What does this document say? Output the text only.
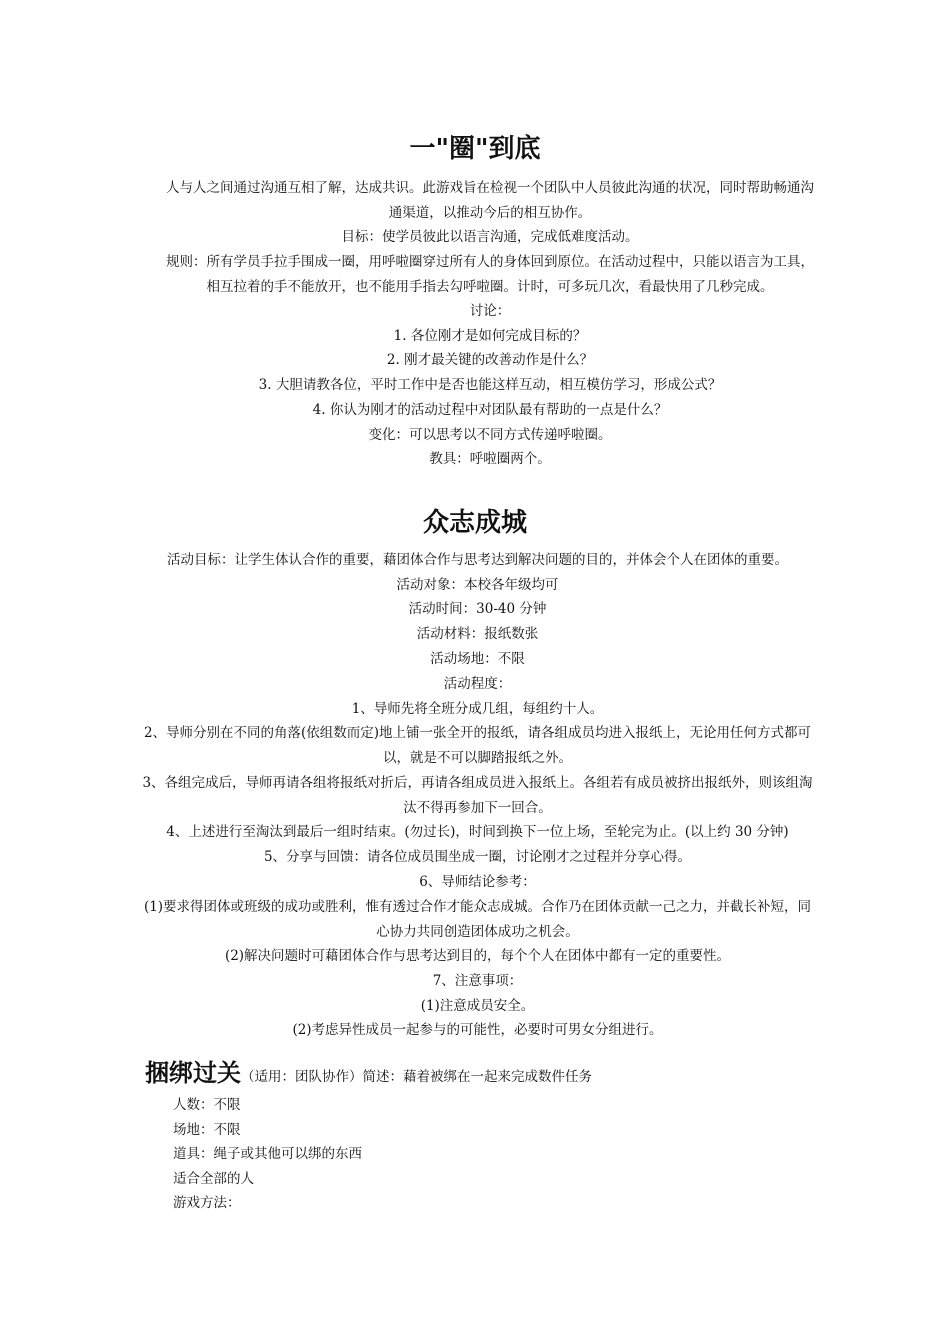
一"圈"到底

人与人之间通过沟通互相了解，达成共识。此游戏旨在检视一个团队中人员彼此沟通的状况，同时帮助畅通沟通渠道，以推动今后的相互协作。

目标：使学员彼此以语言沟通，完成低难度活动。

规则：所有学员手拉手围成一圈，用呼啦圈穿过所有人的身体回到原位。在活动过程中，只能以语言为工具，相互拉着的手不能放开，也不能用手指去勾呼啦圈。计时，可多玩几次，看最快用了几秒完成。

讨论：

1. 各位刚才是如何完成目标的？

2. 刚才最关键的改善动作是什么？

3. 大胆请教各位，平时工作中是否也能这样互动，相互模仿学习，形成公式？

4. 你认为刚才的活动过程中对团队最有帮助的一点是什么？

变化：可以思考以不同方式传递呼啦圈。

教具：呼啦圈两个。

众志成城

活动目标：让学生体认合作的重要，藉团体合作与思考达到解决问题的目的，并体会个人在团体的重要。

活动对象：本校各年级均可

活动时间：30-40 分钟

活动材料：报纸数张

活动场地：不限

活动程度：

1、导师先将全班分成几组，每组约十人。

2、导师分别在不同的角落(依组数而定)地上铺一张全开的报纸，请各组成员均进入报纸上，无论用任何方式都可以，就是不可以脚踏报纸之外。

3、各组完成后，导师再请各组将报纸对折后，再请各组成员进入报纸上。各组若有成员被挤出报纸外，则该组淘汰不得再参加下一回合。

4、上述进行至淘汰到最后一组时结束。(勿过长)，时间到换下一位上场，至轮完为止。(以上约 30 分钟)

5、分享与回馈：请各位成员围坐成一圈，讨论刚才之过程并分享心得。

6、导师结论参考：

(1)要求得团体或班级的成功或胜利，惟有透过合作才能众志成城。合作乃在团体贡献一己之力，并截长补短，同心协力共同创造团体成功之机会。

(2)解决问题时可藉团体合作与思考达到目的，每个个人在团体中都有一定的重要性。

7、注意事项：

(1)注意成员安全。

(2)考虑异性成员一起参与的可能性，必要时可男女分组进行。

捆绑过关（适用：团队协作）简述：藉着被绑在一起来完成数件任务

人数：不限

场地：不限

道具：绳子或其他可以绑的东西

适合全部的人

游戏方法：
